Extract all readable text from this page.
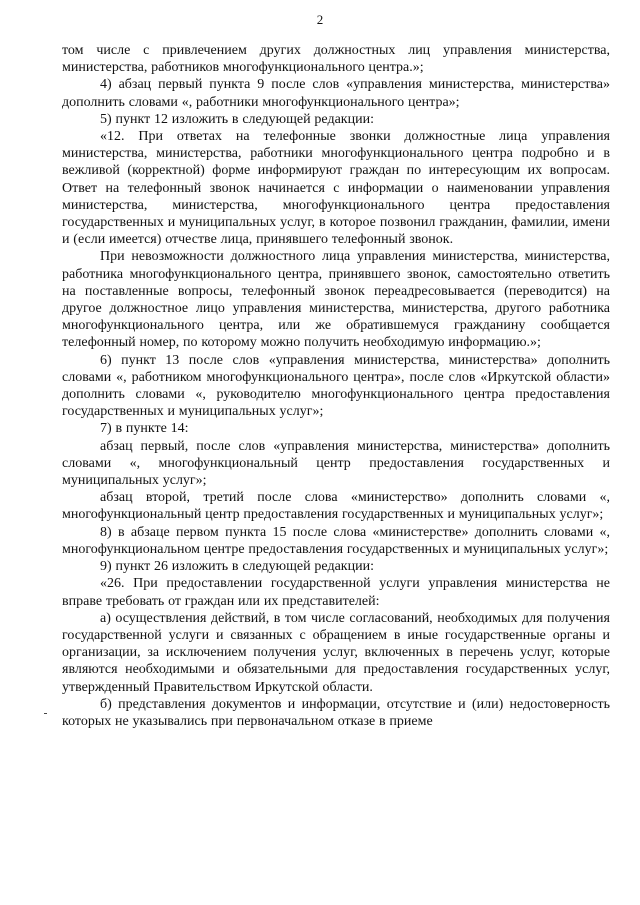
2

том числе с привлечением других должностных лиц управления министерства, министерства, работников многофункционального центра.»;

4) абзац первый пункта 9 после слов «управления министерства, министерства» дополнить словами «, работники многофункционального центра»;

5) пункт 12 изложить в следующей редакции:

«12. При ответах на телефонные звонки должностные лица управления министерства, министерства, работники многофункционального центра подробно и в вежливой (корректной) форме информируют граждан по интересующим их вопросам. Ответ на телефонный звонок начинается с информации о наименовании управления министерства, министерства, многофункционального центра предоставления государственных и муниципальных услуг, в которое позвонил гражданин, фамилии, имени и (если имеется) отчестве лица, принявшего телефонный звонок.

При невозможности должностного лица управления министерства, министерства, работника многофункционального центра, принявшего звонок, самостоятельно ответить на поставленные вопросы, телефонный звонок переадресовывается (переводится) на другое должностное лицо управления министерства, министерства, другого работника многофункционального центра, или же обратившемуся гражданину сообщается телефонный номер, по которому можно получить необходимую информацию.»;

6) пункт 13 после слов «управления министерства, министерства» дополнить словами «, работником многофункционального центра», после слов «Иркутской области» дополнить словами «, руководителю многофункционального центра предоставления государственных и муниципальных услуг»;

7) в пункте 14:

абзац первый, после слов «управления министерства, министерства» дополнить словами «, многофункциональный центр предоставления государственных и муниципальных услуг»;

абзац второй, третий после слова «министерство» дополнить словами «, многофункциональный центр предоставления государственных и муниципальных услуг»;

8) в абзаце первом пункта 15 после слова «министерстве» дополнить словами «, многофункциональном центре предоставления государственных и муниципальных услуг»;

9) пункт 26 изложить в следующей редакции:

«26. При предоставлении государственной услуги управления министерства не вправе требовать от граждан или их представителей:

а) осуществления действий, в том числе согласований, необходимых для получения государственной услуги и связанных с обращением в иные государственные органы и организации, за исключением получения услуг, включенных в перечень услуг, которые являются необходимыми и обязательными для предоставления государственных услуг, утвержденный Правительством Иркутской области.

б) представления документов и информации, отсутствие и (или) недостоверность которых не указывались при первоначальном отказе в приеме
